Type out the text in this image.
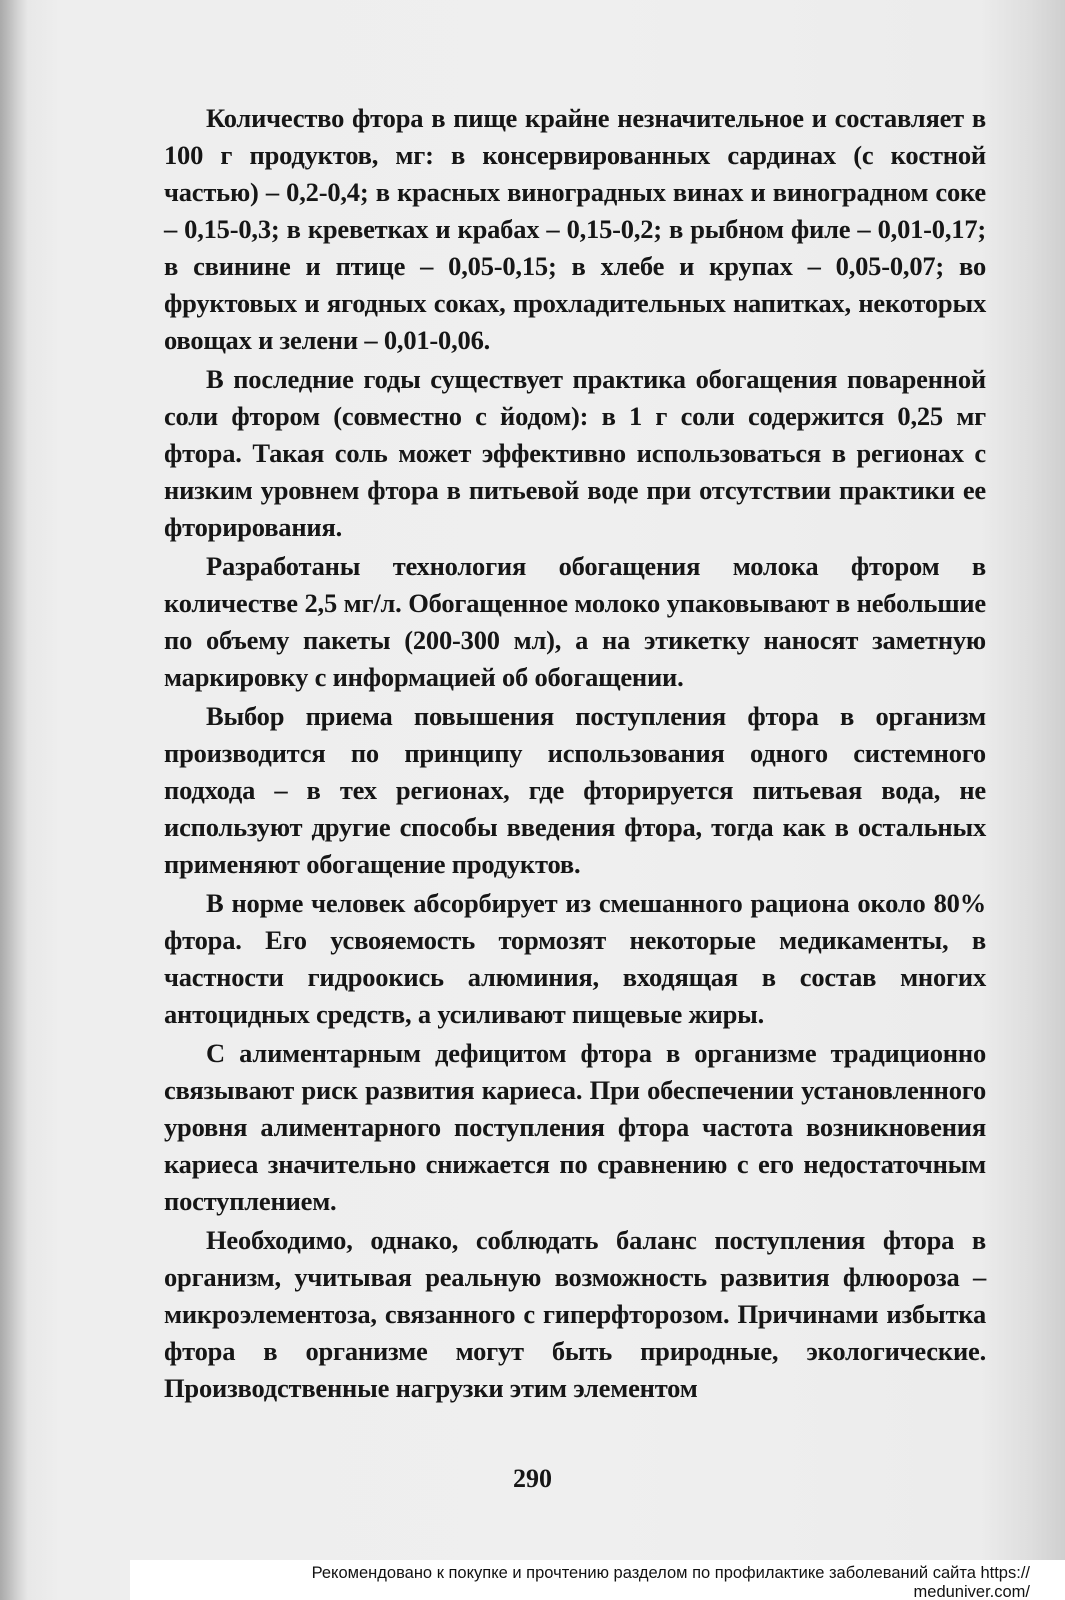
Количество фтора в пище крайне незначительное и составляет в 100 г продуктов, мг: в консервированных сардинах (с костной частью) – 0,2-0,4; в красных виноградных винах и виноградном соке – 0,15-0,3; в креветках и крабах – 0,15-0,2; в рыбном филе – 0,01-0,17; в свинине и птице – 0,05-0,15; в хлебе и крупах – 0,05-0,07; во фруктовых и ягодных соках, прохладительных напитках, некоторых овощах и зелени – 0,01-0,06.

В последние годы существует практика обогащения поваренной соли фтором (совместно с йодом): в 1 г соли содержится 0,25 мг фтора. Такая соль может эффективно использоваться в регионах с низким уровнем фтора в питьевой воде при отсутствии практики ее фторирования.

Разработаны технология обогащения молока фтором в количестве 2,5 мг/л. Обогащенное молоко упаковывают в небольшие по объему пакеты (200-300 мл), а на этикетку наносят заметную маркировку с информацией об обогащении.

Выбор приема повышения поступления фтора в организм производится по принципу использования одного системного подхода – в тех регионах, где фторируется питьевая вода, не используют другие способы введения фтора, тогда как в остальных применяют обогащение продуктов.

В норме человек абсорбирует из смешанного рациона около 80% фтора. Его усвояемость тормозят некоторые медикаменты, в частности гидроокись алюминия, входящая в состав многих антоцидных средств, а усиливают пищевые жиры.

С алиментарным дефицитом фтора в организме традиционно связывают риск развития кариеса. При обеспечении установленного уровня алиментарного поступления фтора частота возникновения кариеса значительно снижается по сравнению с его недостаточным поступлением.

Необходимо, однако, соблюдать баланс поступления фтора в организм, учитывая реальную возможность развития флюороза – микроэлементоза, связанного с гиперфторозом. Причинами избытка фтора в организме могут быть природные, экологические. Производственные нагрузки этим элементом

290
Рекомендовано к покупке и прочтению разделом по профилактике заболеваний сайта https://
meduniver.com/
